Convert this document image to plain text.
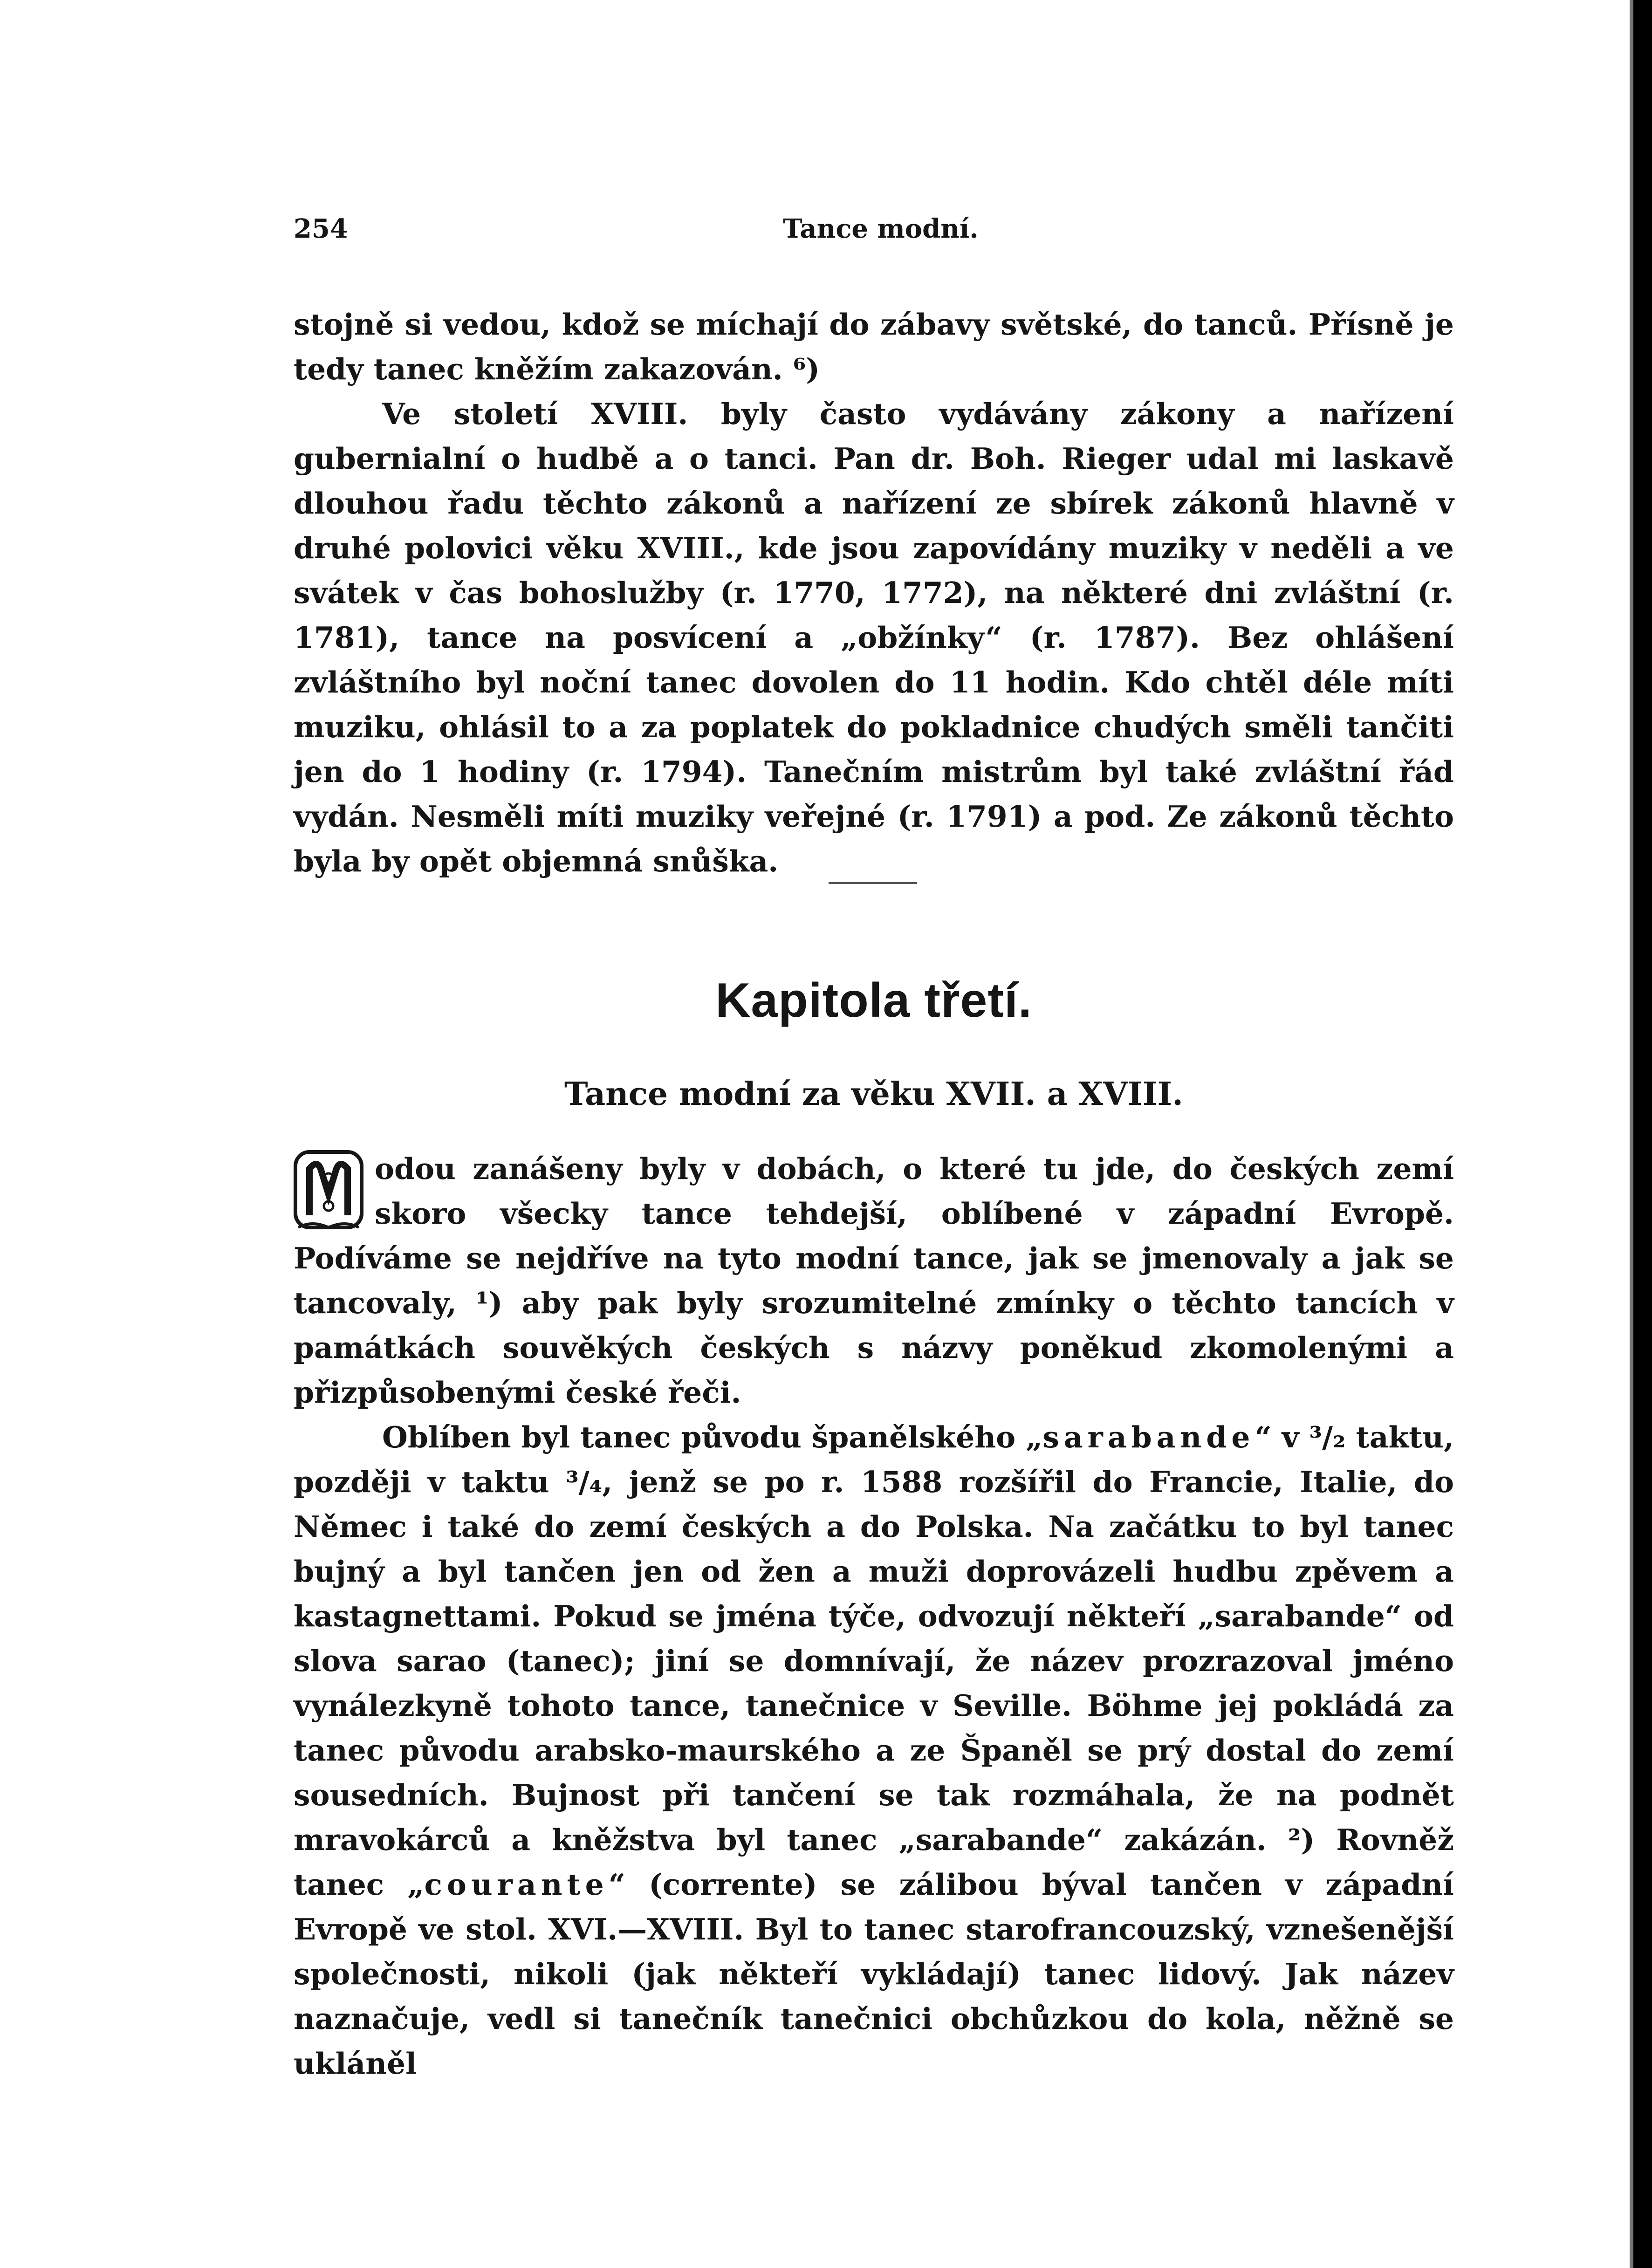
254	Tance modní.

stojně si vedou, kdož se míchají do zábavy světské, do tanců. Přísně je tedy tanec kněžím zakazován. ⁶)

Ve století XVIII. byly často vydávány zákony a nařízení gubernialní o hudbě a o tanci. Pan dr. Boh. Rieger udal mi laskavě dlouhou řadu těchto zákonů a nařízení ze sbírek zákonů hlavně v druhé polovici věku XVIII., kde jsou zapovídány muziky v neděli a ve svátek v čas bohoslužby (r. 1770, 1772), na některé dni zvláštní (r. 1781), tance na posvícení a „obžínky“ (r. 1787). Bez ohlášení zvláštního byl noční tanec dovolen do 11 hodin. Kdo chtěl déle míti muziku, ohlásil to a za poplatek do pokladnice chudých směli tančiti jen do 1 hodiny (r. 1794). Tanečním mistrům byl také zvláštní řád vydán. Nesměli míti muziky veřejné (r. 1791) a pod. Ze zákonů těchto byla by opět objemná snůška.

Kapitola třetí.
Tance modní za věku XVII. a XVIII.

M
odou zanášeny byly v dobách, o které tu jde, do českých zemí skoro všecky tance tehdejší, oblíbené v západní Evropě. Podíváme se nejdříve na tyto modní tance, jak se jmenovaly a jak se tancovaly, ¹) aby pak byly srozumitelné zmínky o těchto tancích v památkách souvěkých českých s názvy poněkud zkomolenými a přizpůsobenými české řeči.

Oblíben byl tanec původu španělského „sarabande“ v ³/₂ taktu, později v taktu ³/₄, jenž se po r. 1588 rozšířil do Francie, Italie, do Němec i také do zemí českých a do Polska. Na začátku to byl tanec bujný a byl tančen jen od žen a muži doprovázeli hudbu zpěvem a kastagnettami. Pokud se jména týče, odvozují někteří „sarabande“ od slova sarao (tanec); jiní se domnívají, že název prozrazoval jméno vynálezkyně tohoto tance, tanečnice v Seville. Böhme jej pokládá za tanec původu arabsko-maurského a ze Španěl se prý dostal do zemí sousedních. Bujnost při tančení se tak rozmáhala, že na podnět mravokárců a kněžstva byl tanec „sarabande“ zakázán. ²) Rovněž tanec „courante“ (corrente) se zálibou býval tančen v západní Evropě ve stol. XVI.—XVIII. Byl to tanec starofrancouzský, vznešenější společnosti, nikoli (jak někteří vykládají) tanec lidový. Jak název naznačuje, vedl si tanečník tanečnici obchůzkou do kola, něžně se ukláněl
